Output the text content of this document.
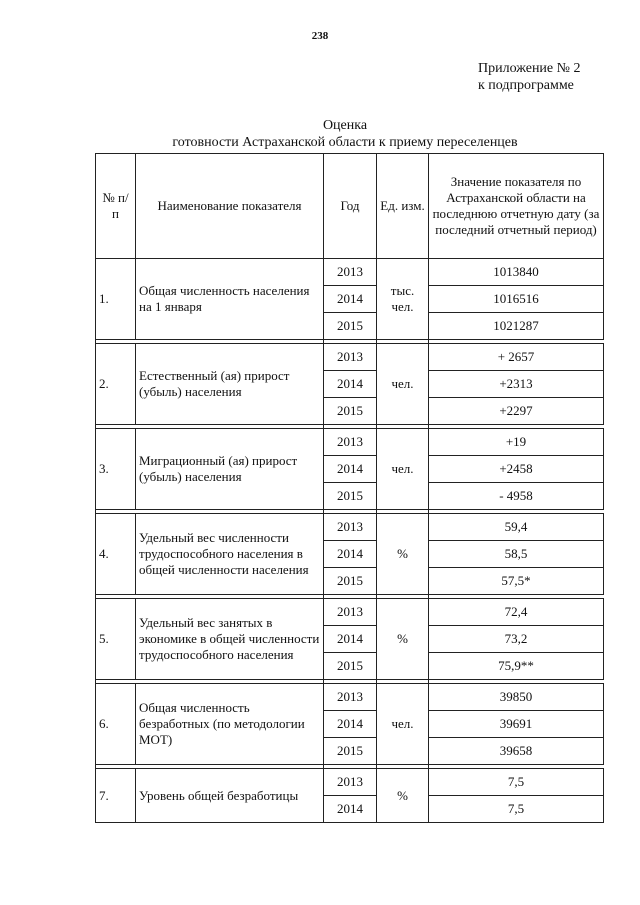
238
Приложение № 2
к подпрограмме
Оценка
готовности Астраханской области к приему переселенцев
№ п/п	Наименование показателя	Год	Ед. изм.	Значение показателя по Астраханской области на последнюю отчетную дату (за последний отчетный период)
1.	Общая численность населения на 1 января	2013	тыс. чел.	1013840
		2014		1016516
		2015		1021287

2.	Естественный (ая) прирост (убыль) населения	2013	чел.	+ 2657
		2014		+2313
		2015		+2297

3.	Миграционный (ая) прирост (убыль) населения	2013	чел.	+19
		2014		+2458
		2015		- 4958

4.	Удельный вес численности трудоспособного населения в общей численности населения	2013	%	59,4
		2014		58,5
		2015		57,5*

5.	Удельный вес занятых в экономике в общей численности трудоспособного населения	2013	%	72,4
		2014		73,2
		2015		75,9**

6.	Общая численность безработных (по методологии МОТ)	2013	чел.	39850
		2014		39691
		2015		39658

7.	Уровень общей безработицы	2013	%	7,5
		2014		7,5
